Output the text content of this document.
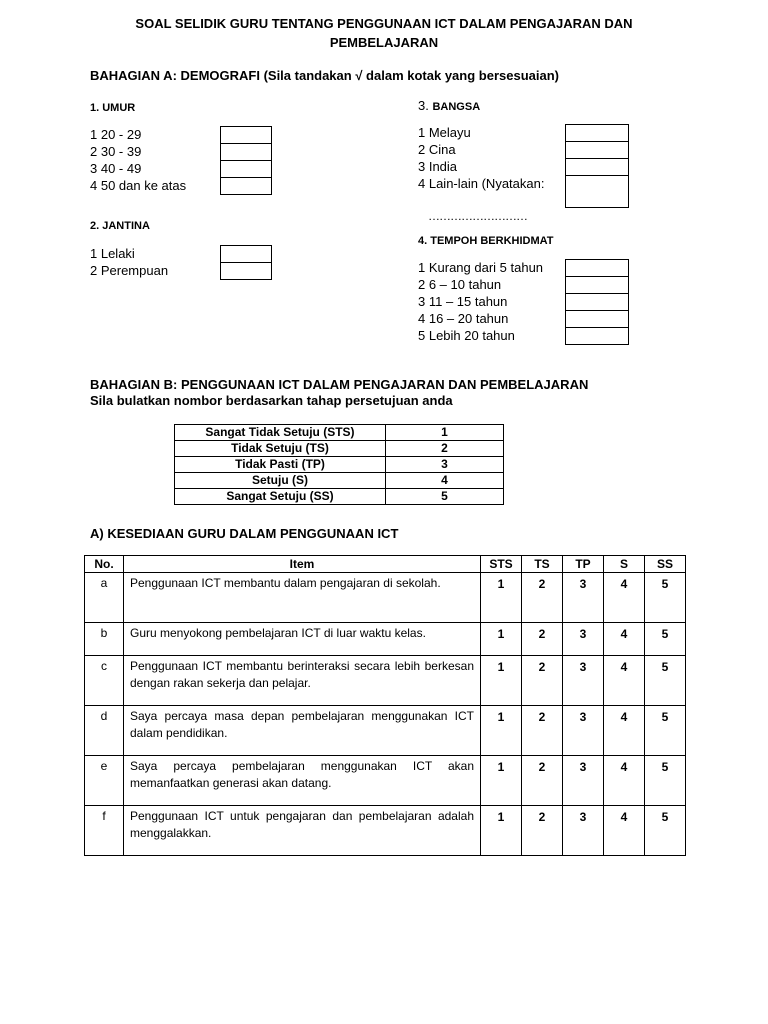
SOAL SELIDIK GURU TENTANG PENGGUNAAN ICT DALAM PENGAJARAN DAN
PEMBELAJARAN
BAHAGIAN A: DEMOGRAFI (Sila tandakan √ dalam kotak yang bersesuaian)
1. UMUR
1 20 - 29
2 30 - 39
3 40 - 49
4 50 dan ke atas

2. JANTINA
1 Lelaki
2 Perempuan

3. BANGSA
1 Melayu
2 Cina
3 India
4 Lain-lain (Nyatakan:

………………………
4. TEMPOH BERKHIDMAT
1 Kurang dari 5 tahun
2 6 – 10 tahun
3 11 – 15 tahun
4 16 – 20 tahun
5 Lebih 20 tahun

BAHAGIAN B: PENGGUNAAN ICT DALAM PENGAJARAN DAN PEMBELAJARAN
Sila bulatkan nombor berdasarkan tahap persetujuan anda
Sangat Tidak Setuju (STS)	1
Tidak Setuju (TS)	2
Tidak Pasti (TP)	3
Setuju (S)	4
Sangat Setuju (SS)	5
A) KESEDIAAN GURU DALAM PENGGUNAAN ICT
No.	Item	STS	TS	TP	S	SS
a	Penggunaan ICT membantu dalam pengajaran di sekolah.	1	2	3	4	5
b	Guru menyokong pembelajaran ICT di luar waktu kelas.	1	2	3	4	5
c	Penggunaan ICT membantu berinteraksi secara lebih berkesan dengan rakan sekerja dan pelajar.	1	2	3	4	5
d	Saya percaya masa depan pembelajaran menggunakan ICT dalam pendidikan.	1	2	3	4	5
e	Saya percaya pembelajaran menggunakan ICT akan memanfaatkan generasi akan datang.	1	2	3	4	5
f	Penggunaan ICT untuk pengajaran dan pembelajaran adalah menggalakkan.	1	2	3	4	5
